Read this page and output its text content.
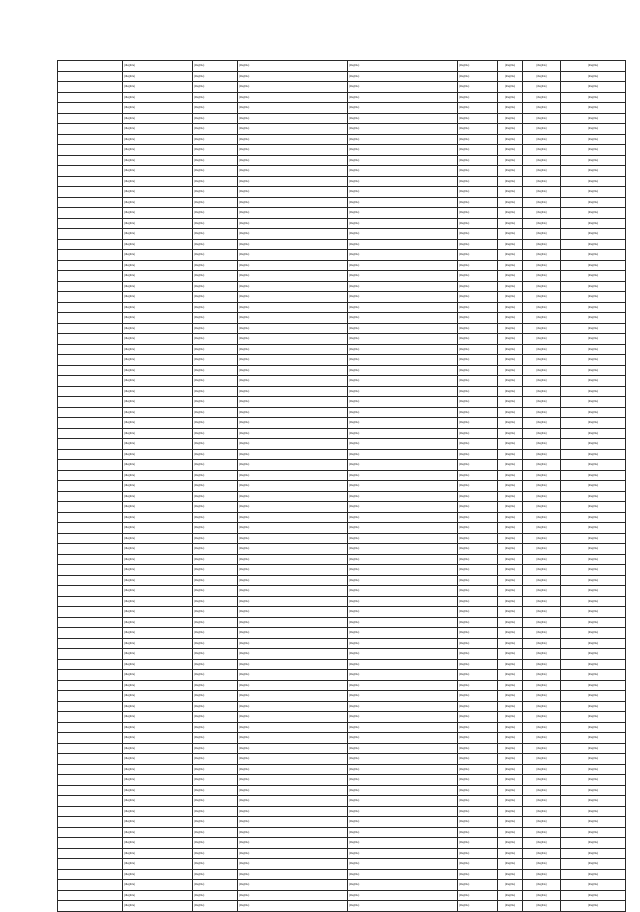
	(illegible)	(illegible)	(illegible)	(illegible)	(illegible)	(illegible)	(illegible)	(illegible)
	(illegible)	(illegible)	(illegible)	(illegible)	(illegible)	(illegible)	(illegible)	(illegible)
	(illegible)	(illegible)	(illegible)	(illegible)	(illegible)	(illegible)	(illegible)	(illegible)
	(illegible)	(illegible)	(illegible)	(illegible)	(illegible)	(illegible)	(illegible)	(illegible)
	(illegible)	(illegible)	(illegible)	(illegible)	(illegible)	(illegible)	(illegible)	(illegible)
	(illegible)	(illegible)	(illegible)	(illegible)	(illegible)	(illegible)	(illegible)	(illegible)
	(illegible)	(illegible)	(illegible)	(illegible)	(illegible)	(illegible)	(illegible)	(illegible)
	(illegible)	(illegible)	(illegible)	(illegible)	(illegible)	(illegible)	(illegible)	(illegible)
	(illegible)	(illegible)	(illegible)	(illegible)	(illegible)	(illegible)	(illegible)	(illegible)
	(illegible)	(illegible)	(illegible)	(illegible)	(illegible)	(illegible)	(illegible)	(illegible)
	(illegible)	(illegible)	(illegible)	(illegible)	(illegible)	(illegible)	(illegible)	(illegible)
	(illegible)	(illegible)	(illegible)	(illegible)	(illegible)	(illegible)	(illegible)	(illegible)
	(illegible)	(illegible)	(illegible)	(illegible)	(illegible)	(illegible)	(illegible)	(illegible)
	(illegible)	(illegible)	(illegible)	(illegible)	(illegible)	(illegible)	(illegible)	(illegible)
	(illegible)	(illegible)	(illegible)	(illegible)	(illegible)	(illegible)	(illegible)	(illegible)
	(illegible)	(illegible)	(illegible)	(illegible)	(illegible)	(illegible)	(illegible)	(illegible)
	(illegible)	(illegible)	(illegible)	(illegible)	(illegible)	(illegible)	(illegible)	(illegible)
	(illegible)	(illegible)	(illegible)	(illegible)	(illegible)	(illegible)	(illegible)	(illegible)
	(illegible)	(illegible)	(illegible)	(illegible)	(illegible)	(illegible)	(illegible)	(illegible)
	(illegible)	(illegible)	(illegible)	(illegible)	(illegible)	(illegible)	(illegible)	(illegible)
	(illegible)	(illegible)	(illegible)	(illegible)	(illegible)	(illegible)	(illegible)	(illegible)
	(illegible)	(illegible)	(illegible)	(illegible)	(illegible)	(illegible)	(illegible)	(illegible)
	(illegible)	(illegible)	(illegible)	(illegible)	(illegible)	(illegible)	(illegible)	(illegible)
	(illegible)	(illegible)	(illegible)	(illegible)	(illegible)	(illegible)	(illegible)	(illegible)
	(illegible)	(illegible)	(illegible)	(illegible)	(illegible)	(illegible)	(illegible)	(illegible)
	(illegible)	(illegible)	(illegible)	(illegible)	(illegible)	(illegible)	(illegible)	(illegible)
	(illegible)	(illegible)	(illegible)	(illegible)	(illegible)	(illegible)	(illegible)	(illegible)
	(illegible)	(illegible)	(illegible)	(illegible)	(illegible)	(illegible)	(illegible)	(illegible)
	(illegible)	(illegible)	(illegible)	(illegible)	(illegible)	(illegible)	(illegible)	(illegible)
	(illegible)	(illegible)	(illegible)	(illegible)	(illegible)	(illegible)	(illegible)	(illegible)
	(illegible)	(illegible)	(illegible)	(illegible)	(illegible)	(illegible)	(illegible)	(illegible)
	(illegible)	(illegible)	(illegible)	(illegible)	(illegible)	(illegible)	(illegible)	(illegible)
	(illegible)	(illegible)	(illegible)	(illegible)	(illegible)	(illegible)	(illegible)	(illegible)
	(illegible)	(illegible)	(illegible)	(illegible)	(illegible)	(illegible)	(illegible)	(illegible)
	(illegible)	(illegible)	(illegible)	(illegible)	(illegible)	(illegible)	(illegible)	(illegible)
	(illegible)	(illegible)	(illegible)	(illegible)	(illegible)	(illegible)	(illegible)	(illegible)
	(illegible)	(illegible)	(illegible)	(illegible)	(illegible)	(illegible)	(illegible)	(illegible)
	(illegible)	(illegible)	(illegible)	(illegible)	(illegible)	(illegible)	(illegible)	(illegible)
	(illegible)	(illegible)	(illegible)	(illegible)	(illegible)	(illegible)	(illegible)	(illegible)
	(illegible)	(illegible)	(illegible)	(illegible)	(illegible)	(illegible)	(illegible)	(illegible)
	(illegible)	(illegible)	(illegible)	(illegible)	(illegible)	(illegible)	(illegible)	(illegible)
	(illegible)	(illegible)	(illegible)	(illegible)	(illegible)	(illegible)	(illegible)	(illegible)
	(illegible)	(illegible)	(illegible)	(illegible)	(illegible)	(illegible)	(illegible)	(illegible)
	(illegible)	(illegible)	(illegible)	(illegible)	(illegible)	(illegible)	(illegible)	(illegible)
	(illegible)	(illegible)	(illegible)	(illegible)	(illegible)	(illegible)	(illegible)	(illegible)
	(illegible)	(illegible)	(illegible)	(illegible)	(illegible)	(illegible)	(illegible)	(illegible)
	(illegible)	(illegible)	(illegible)	(illegible)	(illegible)	(illegible)	(illegible)	(illegible)
	(illegible)	(illegible)	(illegible)	(illegible)	(illegible)	(illegible)	(illegible)	(illegible)
	(illegible)	(illegible)	(illegible)	(illegible)	(illegible)	(illegible)	(illegible)	(illegible)
	(illegible)	(illegible)	(illegible)	(illegible)	(illegible)	(illegible)	(illegible)	(illegible)
	(illegible)	(illegible)	(illegible)	(illegible)	(illegible)	(illegible)	(illegible)	(illegible)
	(illegible)	(illegible)	(illegible)	(illegible)	(illegible)	(illegible)	(illegible)	(illegible)
	(illegible)	(illegible)	(illegible)	(illegible)	(illegible)	(illegible)	(illegible)	(illegible)
	(illegible)	(illegible)	(illegible)	(illegible)	(illegible)	(illegible)	(illegible)	(illegible)
	(illegible)	(illegible)	(illegible)	(illegible)	(illegible)	(illegible)	(illegible)	(illegible)
	(illegible)	(illegible)	(illegible)	(illegible)	(illegible)	(illegible)	(illegible)	(illegible)
	(illegible)	(illegible)	(illegible)	(illegible)	(illegible)	(illegible)	(illegible)	(illegible)
	(illegible)	(illegible)	(illegible)	(illegible)	(illegible)	(illegible)	(illegible)	(illegible)
	(illegible)	(illegible)	(illegible)	(illegible)	(illegible)	(illegible)	(illegible)	(illegible)
	(illegible)	(illegible)	(illegible)	(illegible)	(illegible)	(illegible)	(illegible)	(illegible)
	(illegible)	(illegible)	(illegible)	(illegible)	(illegible)	(illegible)	(illegible)	(illegible)
	(illegible)	(illegible)	(illegible)	(illegible)	(illegible)	(illegible)	(illegible)	(illegible)
	(illegible)	(illegible)	(illegible)	(illegible)	(illegible)	(illegible)	(illegible)	(illegible)
	(illegible)	(illegible)	(illegible)	(illegible)	(illegible)	(illegible)	(illegible)	(illegible)
	(illegible)	(illegible)	(illegible)	(illegible)	(illegible)	(illegible)	(illegible)	(illegible)
	(illegible)	(illegible)	(illegible)	(illegible)	(illegible)	(illegible)	(illegible)	(illegible)
	(illegible)	(illegible)	(illegible)	(illegible)	(illegible)	(illegible)	(illegible)	(illegible)
	(illegible)	(illegible)	(illegible)	(illegible)	(illegible)	(illegible)	(illegible)	(illegible)
	(illegible)	(illegible)	(illegible)	(illegible)	(illegible)	(illegible)	(illegible)	(illegible)
	(illegible)	(illegible)	(illegible)	(illegible)	(illegible)	(illegible)	(illegible)	(illegible)
	(illegible)	(illegible)	(illegible)	(illegible)	(illegible)	(illegible)	(illegible)	(illegible)
	(illegible)	(illegible)	(illegible)	(illegible)	(illegible)	(illegible)	(illegible)	(illegible)
	(illegible)	(illegible)	(illegible)	(illegible)	(illegible)	(illegible)	(illegible)	(illegible)
	(illegible)	(illegible)	(illegible)	(illegible)	(illegible)	(illegible)	(illegible)	(illegible)
	(illegible)	(illegible)	(illegible)	(illegible)	(illegible)	(illegible)	(illegible)	(illegible)
	(illegible)	(illegible)	(illegible)	(illegible)	(illegible)	(illegible)	(illegible)	(illegible)
	(illegible)	(illegible)	(illegible)	(illegible)	(illegible)	(illegible)	(illegible)	(illegible)
	(illegible)	(illegible)	(illegible)	(illegible)	(illegible)	(illegible)	(illegible)	(illegible)
	(illegible)	(illegible)	(illegible)	(illegible)	(illegible)	(illegible)	(illegible)	(illegible)
	(illegible)	(illegible)	(illegible)	(illegible)	(illegible)	(illegible)	(illegible)	(illegible)
	(illegible)	(illegible)	(illegible)	(illegible)	(illegible)	(illegible)	(illegible)	(illegible)
